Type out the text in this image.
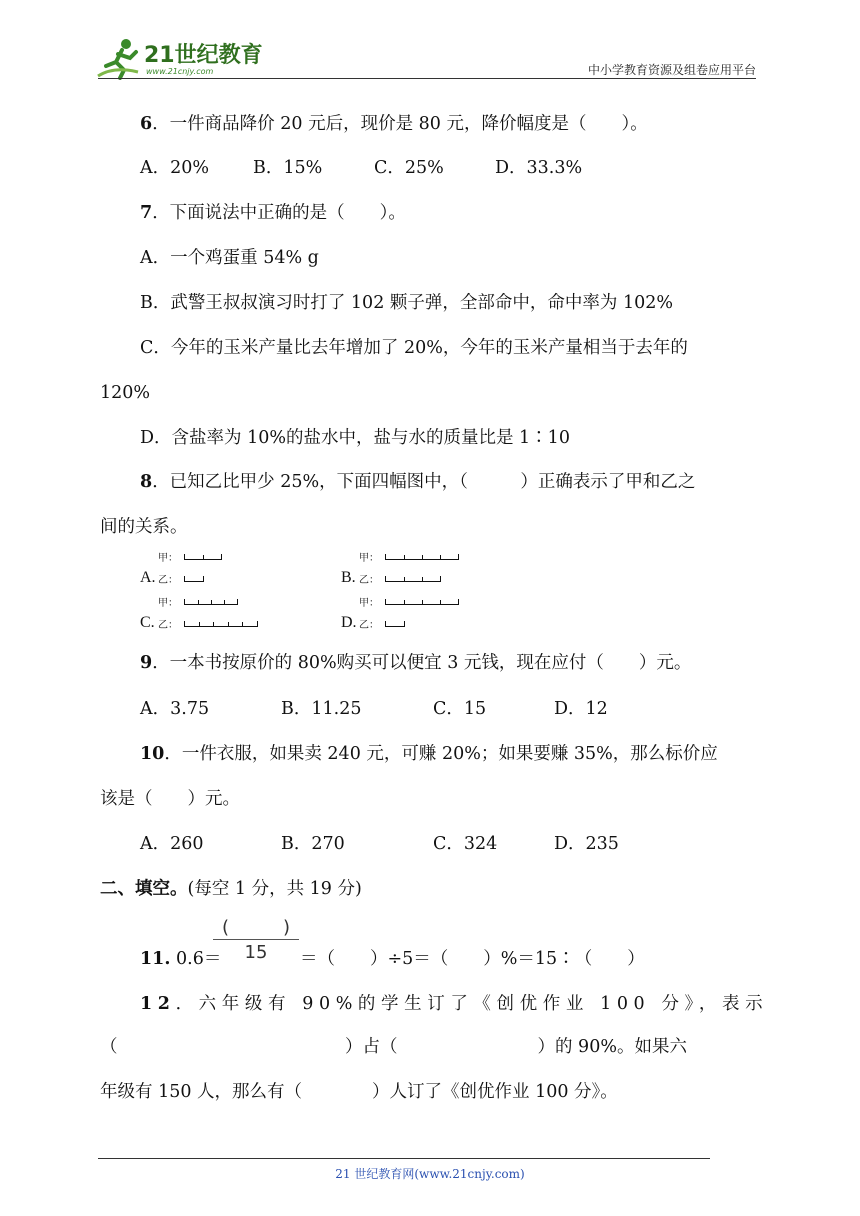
21世纪教育
www.21cnjy.com	中小学教育资源及组卷应用平台
6．一件商品降价 20 元后，现价是 80 元，降价幅度是（　　）。
A．20%	B．15%	C．25%	D．33.3%
7．下面说法中正确的是（　　）。
A．一个鸡蛋重 54% g
B．武警王叔叔演习时打了 102 颗子弹，全部命中，命中率为 102%
C．今年的玉米产量比去年增加了 20%，今年的玉米产量相当于去年的
120%
D．含盐率为 10%的盐水中，盐与水的质量比是 1∶10
8．已知乙比甲少 25%，下面四幅图中，（　　　）正确表示了甲和乙之
间的关系。
甲：
A. 乙：
甲：
B. 乙：
甲：
C. 乙：
甲：
D. 乙：
9．一本书按原价的 80%购买可以便宜 3 元钱，现在应付（　　）元。
A．3.75	B．11.25	C．15	D．12
10．一件衣服，如果卖 240 元，可赚 20%；如果要赚 35%，那么标价应
该是（　　）元。
A．260	B．270	C．324	D．235
二、填空。(每空 1 分，共 19 分)
11. 0.6＝
(　　　)
15	＝（　　）÷5＝（　　）%＝15∶（　　）
12．六年级有 90%的学生订了《创优作业 100 分》，表示
（　　　　　　　　　　　　　）占（　　　　　　　　）的 90%。如果六
年级有 150 人，那么有（　　　　）人订了《创优作业 100 分》。
21 世纪教育网(www.21cnjy.com)
